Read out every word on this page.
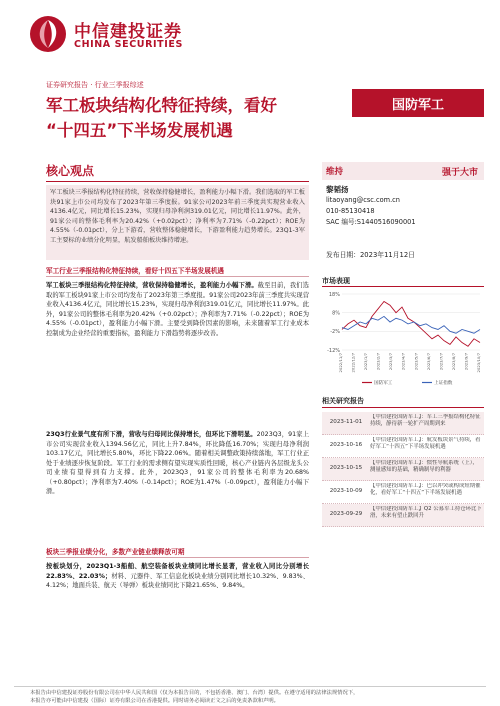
中信建投证券
CHINA SECURITIES
证券研究报告 · 行业三季报综述
军工板块结构化特征持续，看好
“十四五”下半场发展机遇
国防军工
核心观点
军工板块三季报结构化特征持续，营收保持稳健增长，盈利能力小幅下滑。我们选取的军工板块91家上市公司均发布了2023年第三季度报。91家公司2023年前三季度共实现营业收入4136.4亿元，同比增长15.23%，实现归母净利润319.01亿元，同比增长11.97%。此外，91家公司的整体毛利率为20.42%（+0.02pct）；净利率为7.71%（-0.22pct）；ROE为4.55%（-0.01pct），分上下游看，营收整体稳健增长，下游盈利能力趋势增长。23Q1-3军工主要标的业绩分化明显，航发船舶板块维持增速。
军工行业三季报结构化特征持续，看好十四五下半场发展机遇
军工板块三季报结构化特征持续，营收保持稳健增长，盈利能力小幅下滑。截至目前，我们选取的军工板块91家上市公司均发布了2023年第三季度报。91家公司2023年前三季度共实现营业收入4136.4亿元，同比增长15.23%，实现归母净利润319.01亿元，同比增长11.97%。此外，91家公司的整体毛利率为20.42%（+0.02pct）；净利率为7.71%（-0.22pct）；ROE为4.55%（-0.01pct），盈利能力小幅下滑。主要受到降价因素的影响，未来随着军工行业成本控制成为企业经营的重要指标，盈利能力下滑趋势将逐步改善。
23Q3行业景气度有所下滑，营收与归母同比保持增长，但环比下滑明显。2023Q3，91家上市公司实现营业收入1394.56亿元，同比上升7.84%，环比降低16.70%；实现归母净利润103.17亿元，同比增长5.80%，环比下降22.06%。随着相关调整政策持续落地，军工行业正处于业绩逐步恢复阶段。军工行业的需求侧有望实现实质性回暖，核心产业链内各层级龙头公司业绩有望得到有力支撑。此外，2023Q3，91家公司的整体毛利率为20.68%（+0.80pct）；净利率为7.40%（-0.14pct）；ROE为1.47%（-0.09pct），盈利能力小幅下滑。
板块三季报业绩分化，多数产业链业绩释放可期
按板块划分，2023Q1-3船舶、航空装备板块业绩同比增长显著，营业收入同比分别增长22.83%、22.03%；材料、元器件、军工信息化板块业绩分别同比增长10.32%、9.83%、4.12%；地面兵装、航天（导弹）板块业绩同比下降21.65%、9.84%。
维持	强于大市
黎韬扬
litaoyang@csc.com.cn
010-85130418
SAC 编号:S1440516090001
发布日期：2023年11月12日
市场表现
18%
8%
-2%
-12%
2022/11/7 2022/12/7 2023/1/7 2023/2/7 2023/3/7 2023/4/7 2023/5/7 2023/6/7 2023/7/7 2023/8/7 2023/9/7 2023/10/7
国防军工	上证指数
相关研究报告
2023-11-01
【中信建投国防军工】：军工三季报结构化特征持续，静待新一轮扩产周期到来
2023-10-16
【中信建投国防军工】：航发板块景气持续，看好军工“十四五”下半场发展机遇
2023-10-15
【中信建投国防军工】：惯性导航系统（上），测量感知的基础，精确制导的利器
2023-10-09
【中信建投国防军工】：巴以冲突或构成短期催化，看好军工“十四五”下半场发展机遇
2023-09-29
【中信建投国防军工】Q2 公募军工持仓环比下滑，未来有望止跌回升
本报告由中信建投证券股份有限公司在中华人民共和国（仅为本报告目的，不包括香港、澳门、台湾）提供。在遵守适用的法律法规情况下，
本报告亦可能由中信建投（国际）证券有限公司在香港提供。同时请务必阅读正文之后的免责条款和声明。
